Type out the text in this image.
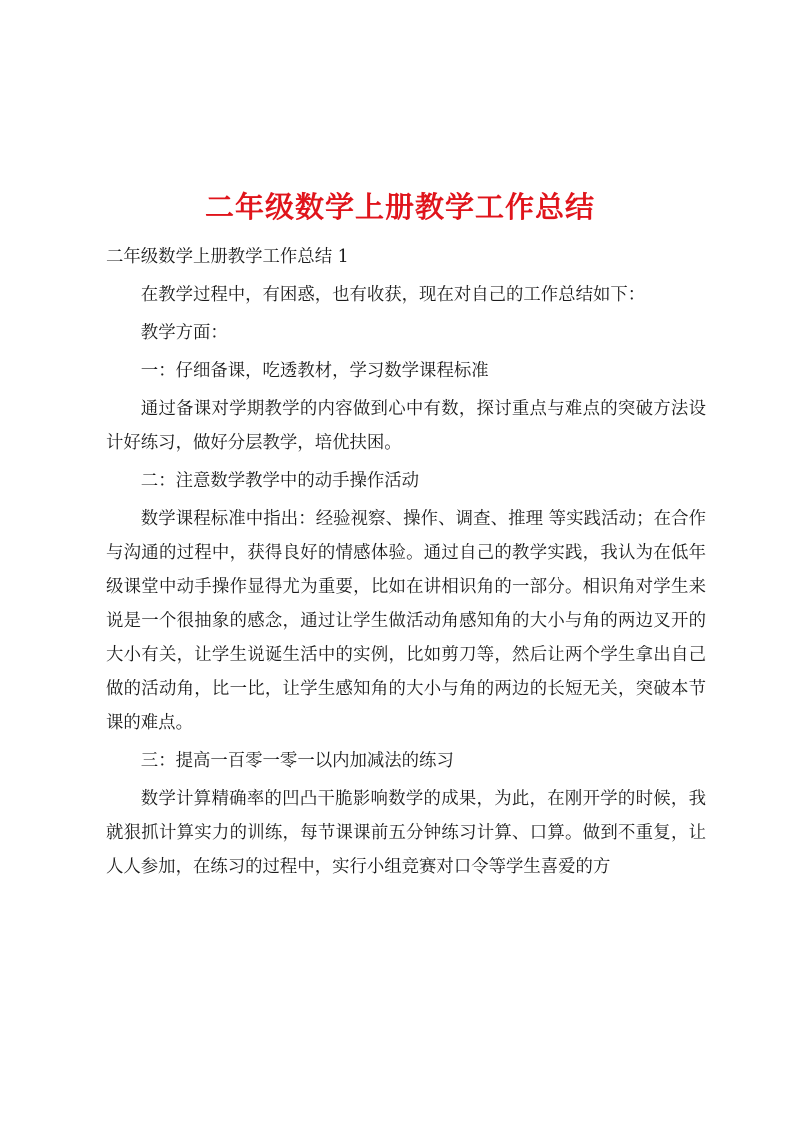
二年级数学上册教学工作总结

二年级数学上册教学工作总结 1

在教学过程中，有困惑，也有收获，现在对自己的工作总结如下：

教学方面：

一：仔细备课，吃透教材，学习数学课程标准

通过备课对学期教学的内容做到心中有数，探讨重点与难点的突破方法设计好练习，做好分层教学，培优扶困。

二：注意数学教学中的动手操作活动

数学课程标准中指出：经验视察、操作、调查、推理 等实践活动；在合作与沟通的过程中，获得良好的情感体验。通过自己的教学实践，我认为在低年级课堂中动手操作显得尤为重要，比如在讲相识角的一部分。相识角对学生来说是一个很抽象的感念，通过让学生做活动角感知角的大小与角的两边叉开的大小有关，让学生说诞生活中的实例，比如剪刀等，然后让两个学生拿出自己做的活动角，比一比，让学生感知角的大小与角的两边的长短无关，突破本节课的难点。

三：提高一百零一零一以内加减法的练习

数学计算精确率的凹凸干脆影响数学的成果，为此，在刚开学的时候，我就狠抓计算实力的训练，每节课课前五分钟练习计算、口算。做到不重复，让人人参加，在练习的过程中，实行小组竞赛对口令等学生喜爱的方
